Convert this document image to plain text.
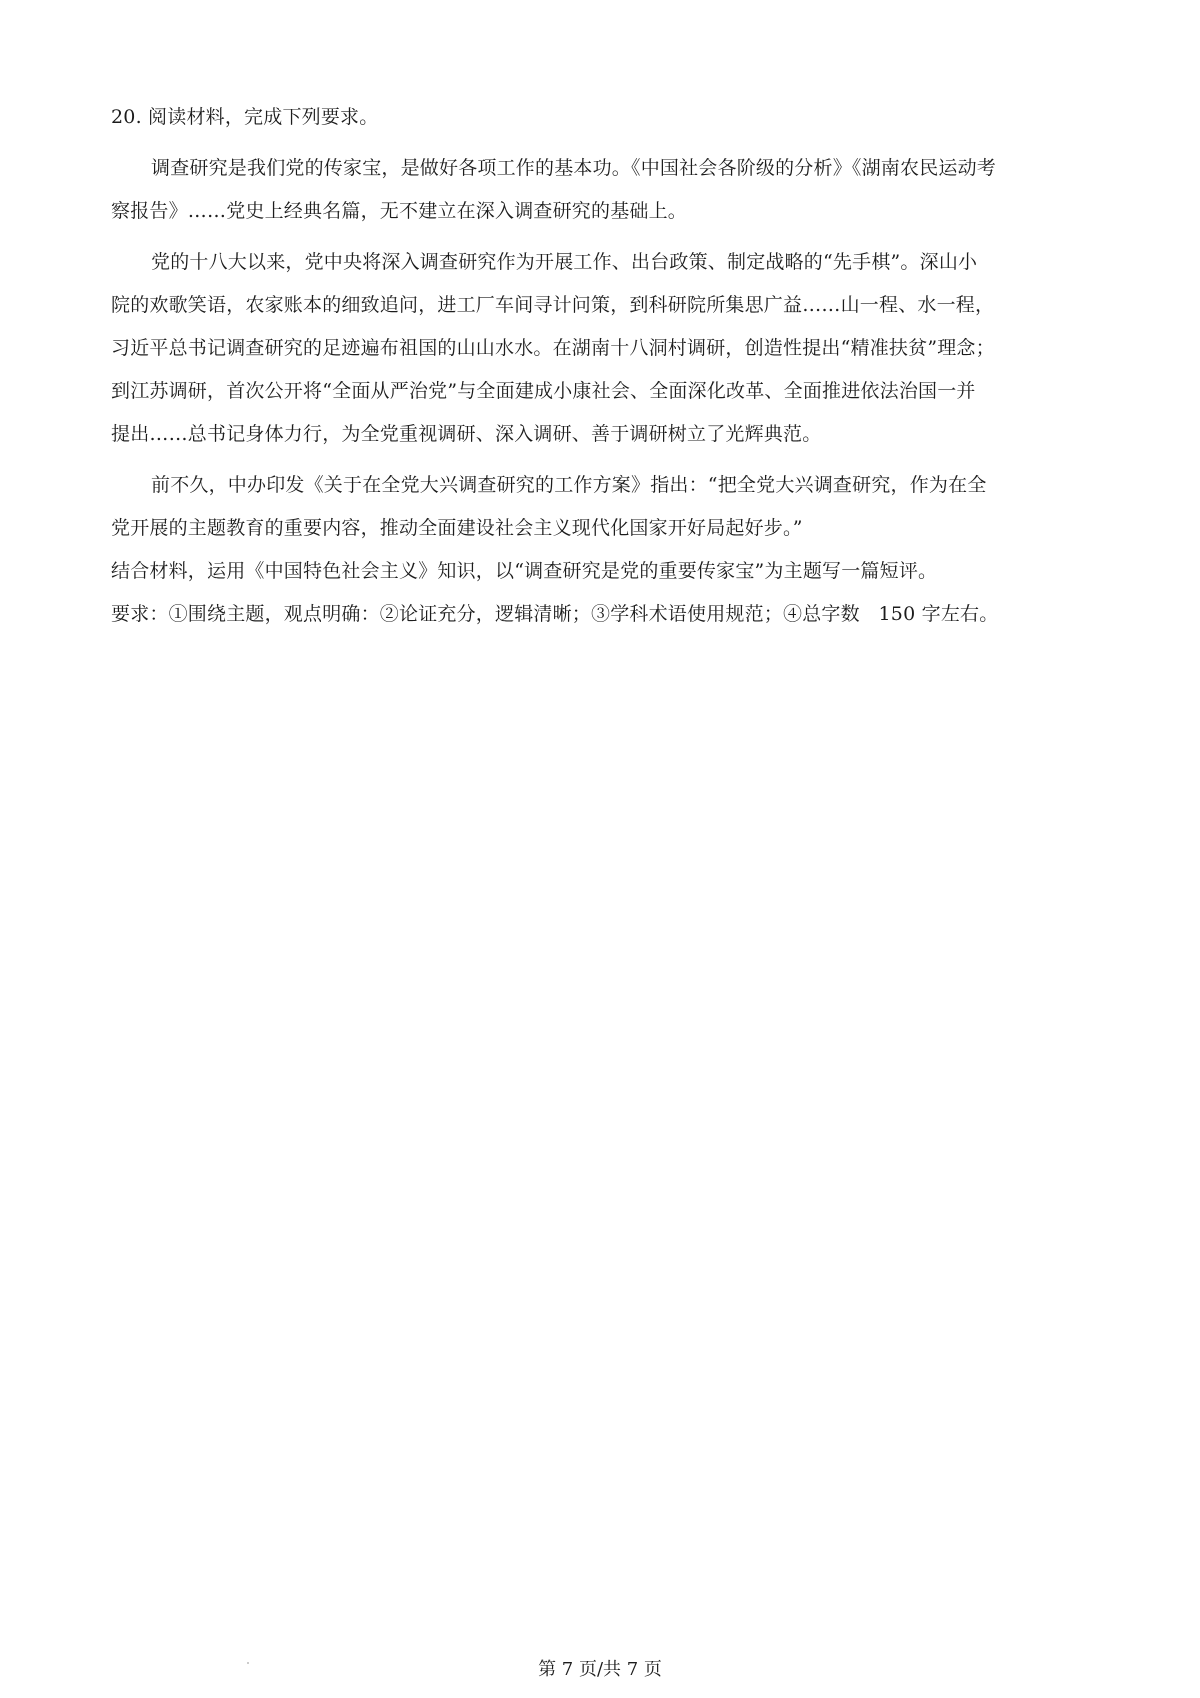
20. 阅读材料，完成下列要求。
调查研究是我们党的传家宝，是做好各项工作的基本功。《中国社会各阶级的分析》《湖南农民运动考
察报告》……党史上经典名篇，无不建立在深入调查研究的基础上。
党的十八大以来，党中央将深入调查研究作为开展工作、出台政策、制定战略的“先手棋”。深山小
院的欢歌笑语，农家账本的细致追问，进工厂车间寻计问策，到科研院所集思广益……山一程、水一程，
习近平总书记调查研究的足迹遍布祖国的山山水水。在湖南十八洞村调研，创造性提出“精准扶贫”理念；
到江苏调研，首次公开将“全面从严治党”与全面建成小康社会、全面深化改革、全面推进依法治国一并
提出……总书记身体力行，为全党重视调研、深入调研、善于调研树立了光辉典范。
前不久，中办印发《关于在全党大兴调查研究的工作方案》指出：“把全党大兴调查研究，作为在全
党开展的主题教育的重要内容，推动全面建设社会主义现代化国家开好局起好步。”
结合材料，运用《中国特色社会主义》知识，以“调查研究是党的重要传家宝”为主题写一篇短评。
要求：①围绕主题，观点明确：②论证充分，逻辑清晰；③学科术语使用规范；④总字数   150 字左右。
第 7 页/共 7 页
